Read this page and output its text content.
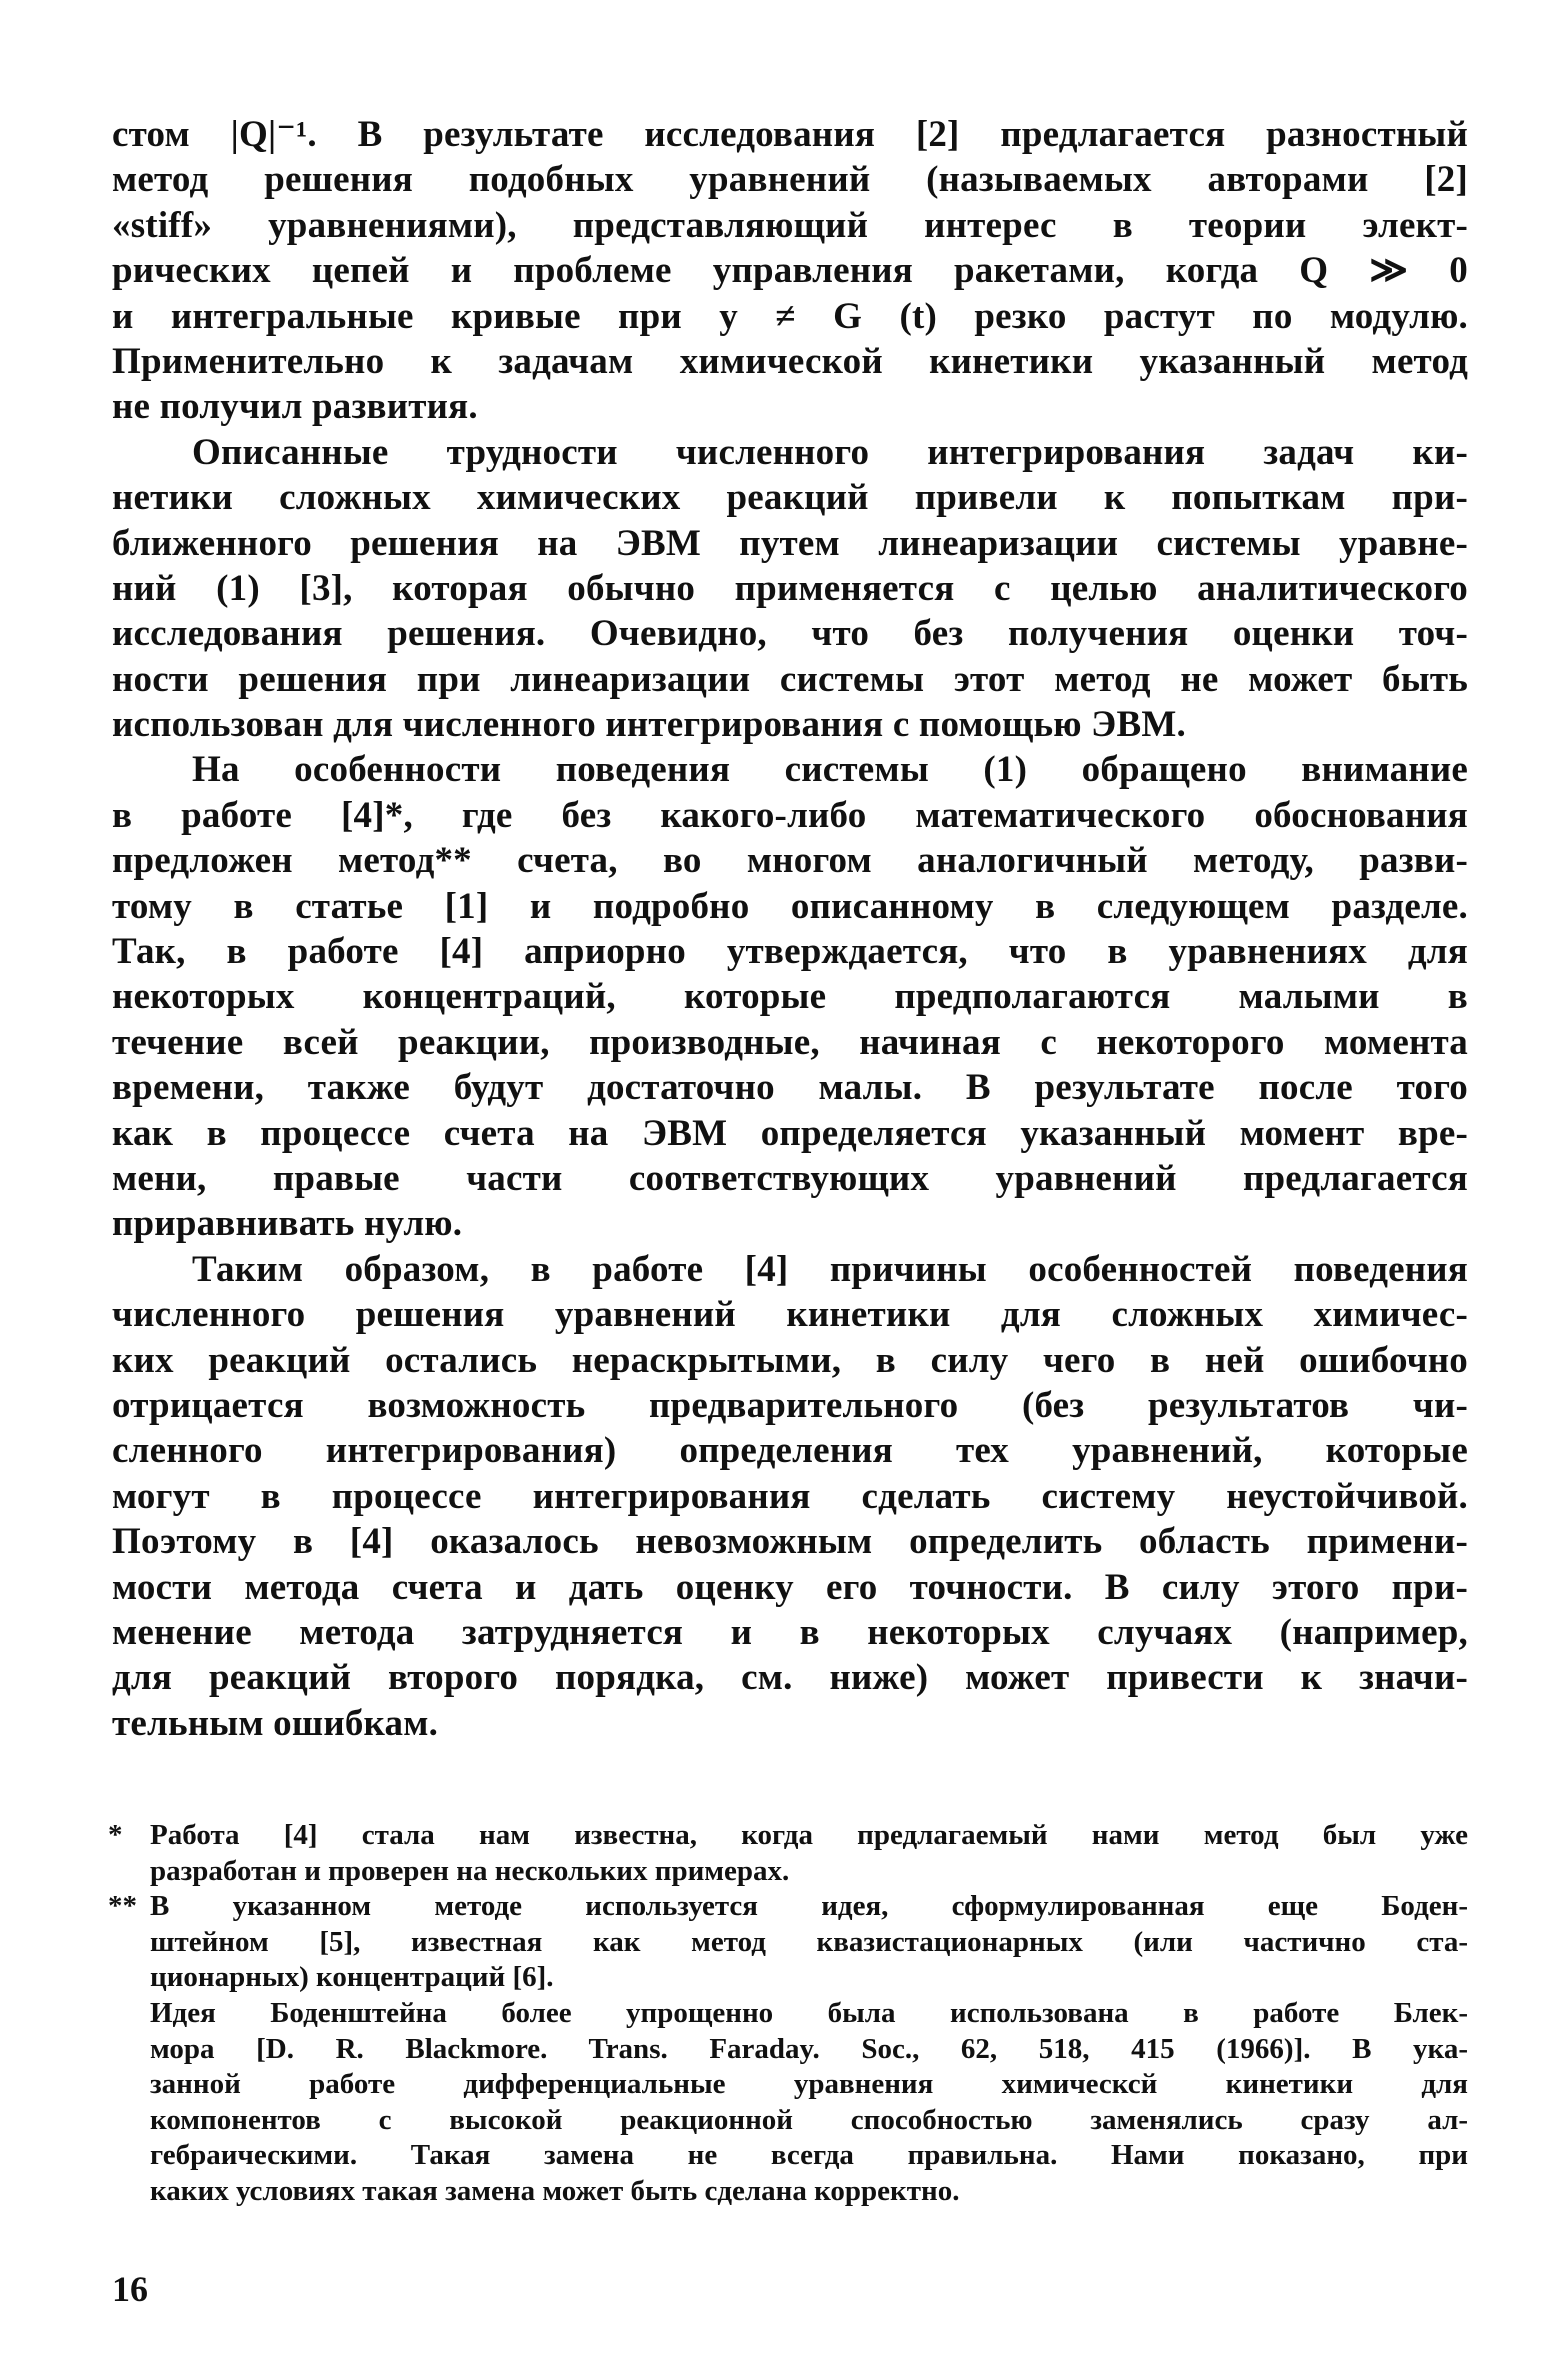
стом |Q|⁻¹. В результате исследования [2] предлагается разностный
метод решения подобных уравнений (называемых авторами [2]
«stiff» уравнениями), представляющий интерес в теории элект-
рических цепей и проблеме управления ракетами, когда Q ≫ 0
и интегральные кривые при y ≠ G (t) резко растут по модулю.
Применительно к задачам химической кинетики указанный метод
не получил развития.
Описанные трудности численного интегрирования задач ки-
нетики сложных химических реакций привели к попыткам при-
ближенного решения на ЭВМ путем линеаризации системы уравне-
ний (1) [3], которая обычно применяется с целью аналитического
исследования решения. Очевидно, что без получения оценки точ-
ности решения при линеаризации системы этот метод не может быть
использован для численного интегрирования с помощью ЭВМ.
На особенности поведения системы (1) обращено внимание
в работе [4]*, где без какого-либо математического обоснования
предложен метод** счета, во многом аналогичный методу, разви-
тому в статье [1] и подробно описанному в следующем разделе.
Так, в работе [4] априорно утверждается, что в уравнениях для
некоторых концентраций, которые предполагаются малыми в
течение всей реакции, производные, начиная с некоторого момента
времени, также будут достаточно малы. В результате после того
как в процессе счета на ЭВМ определяется указанный момент вре-
мени, правые части соответствующих уравнений предлагается
приравнивать нулю.
Таким образом, в работе [4] причины особенностей поведения
численного решения уравнений кинетики для сложных химичес-
ких реакций остались нераскрытыми, в силу чего в ней ошибочно
отрицается возможность предварительного (без результатов чи-
сленного интегрирования) определения тех уравнений, которые
могут в процессе интегрирования сделать систему неустойчивой.
Поэтому в [4] оказалось невозможным определить область примени-
мости метода счета и дать оценку его точности. В силу этого при-
менение метода затрудняется и в некоторых случаях (например,
для реакций второго порядка, см. ниже) может привести к значи-
тельным ошибкам.
* Работа [4] стала нам известна, когда предлагаемый нами метод был уже
разработан и проверен на нескольких примерах.
** В указанном методе используется идея, сформулированная еще Боден-
штейном [5], известная как метод квазистационарных (или частично ста-
ционарных) концентраций [6].
Идея Боденштейна более упрощенно была использована в работе Блек-
мора [D. R. Blackmore. Trans. Faraday. Soc., 62, 518, 415 (1966)]. В ука-
занной работе дифференциальные уравнения химическсй кинетики для
компонентов с высокой реакционной способностью заменялись сразу ал-
гебраическими. Такая замена не всегда правильна. Нами показано, при
каких условиях такая замена может быть сделана корректно.
16
